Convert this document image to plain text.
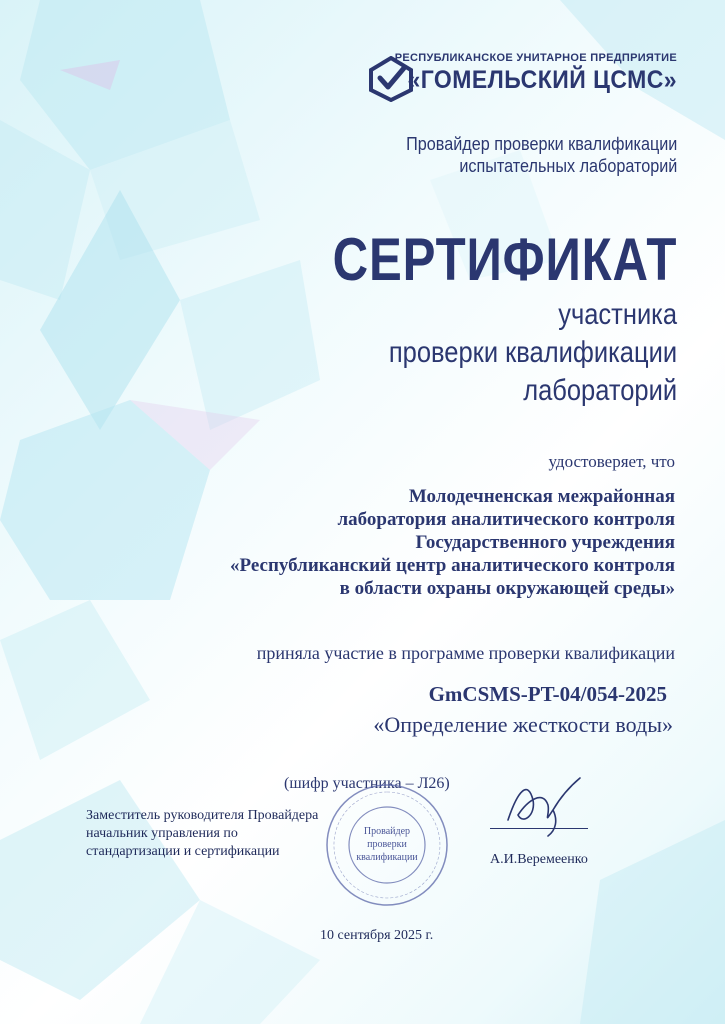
РЕСПУБЛИКАНСКОЕ УНИТАРНОЕ ПРЕДПРИЯТИЕ
«ГОМЕЛЬСКИЙ ЦСМС»
Провайдер проверки квалификации
испытательных лабораторий
СЕРТИФИКАТ
участника
проверки квалификации
лабораторий
удостоверяет, что
Молодечненская межрайонная
лаборатория аналитического контроля
Государственного учреждения
«Республиканский центр аналитического контроля
в области охраны окружающей среды»
приняла участие в программе проверки квалификации
GmCSMS-PT-04/054-2025
«Определение жесткости воды»
(шифр участника – Л26)
Заместитель руководителя Провайдера
начальник управления по
стандартизации и сертификации
Провайдер
проверки
квалификации	А.И.Веремеенко
10 сентября 2025 г.
